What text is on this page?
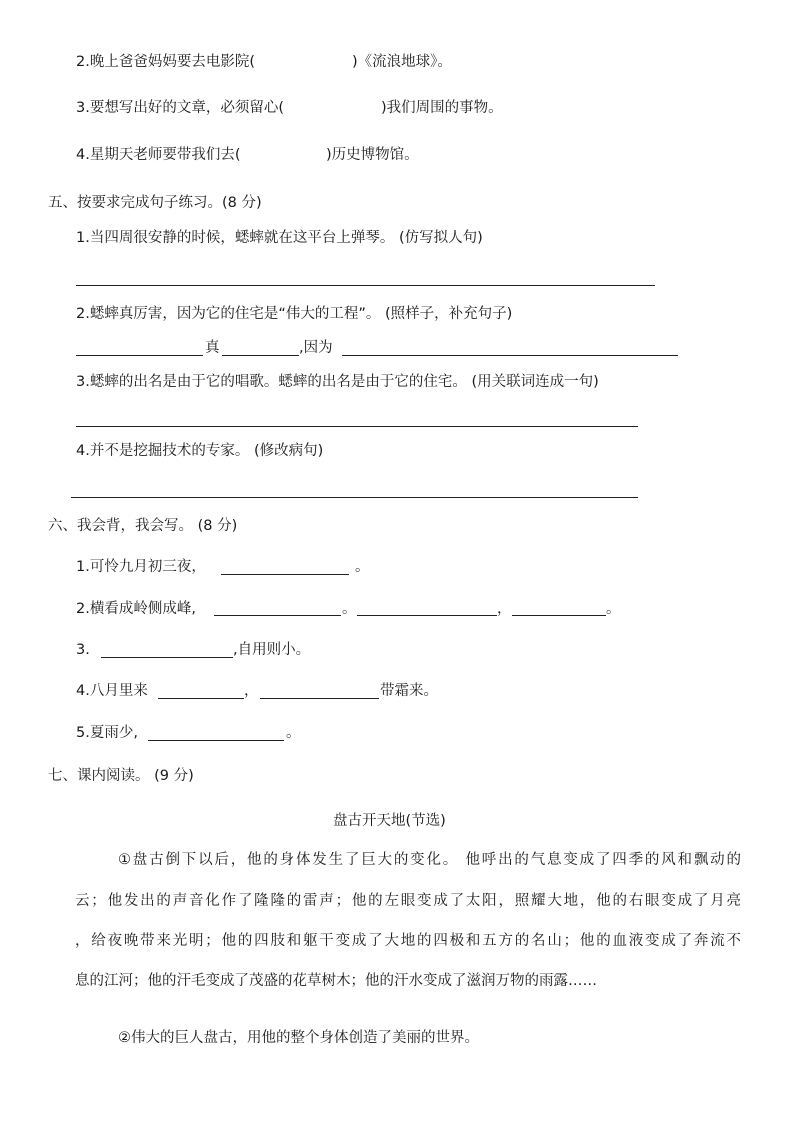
2.晚上爸爸妈妈要去电影院(	)《流浪地球》。
3.要想写出好的文章，必须留心(	)我们周围的事物。
4.星期天老师要带我们去(	)历史博物馆。
五、按要求完成句子练习。(8 分)
1.当四周很安静的时候，蟋蟀就在这平台上弹琴。 (仿写拟人句)
2.蟋蟀真厉害，因为它的住宅是“伟大的工程”。 (照样子，补充句子)
真	,因为
3.蟋蟀的出名是由于它的唱歌。蟋蟀的出名是由于它的住宅。 (用关联词连成一句)
4.并不是挖掘技术的专家。 (修改病句)
六、我会背，我会写。 (8 分)
1.可怜九月初三夜，	。
2.横看成岭侧成峰,	。	，	。
3.	,自用则小。
4.八月里来	，	带霜来。
5.夏雨少,	。
七、课内阅读。 (9 分)
盘古开天地(节选)
①盘古倒下以后，他的身体发生了巨大的变化。 他呼出的气息变成了四季的风和飘动的
云；他发出的声音化作了隆隆的雷声；他的左眼变成了太阳，照耀大地，他的右眼变成了月亮
，给夜晚带来光明；他的四肢和躯干变成了大地的四极和五方的名山；他的血液变成了奔流不
息的江河；他的汗毛变成了茂盛的花草树木；他的汗水变成了滋润万物的雨露……
②伟大的巨人盘古，用他的整个身体创造了美丽的世界。
